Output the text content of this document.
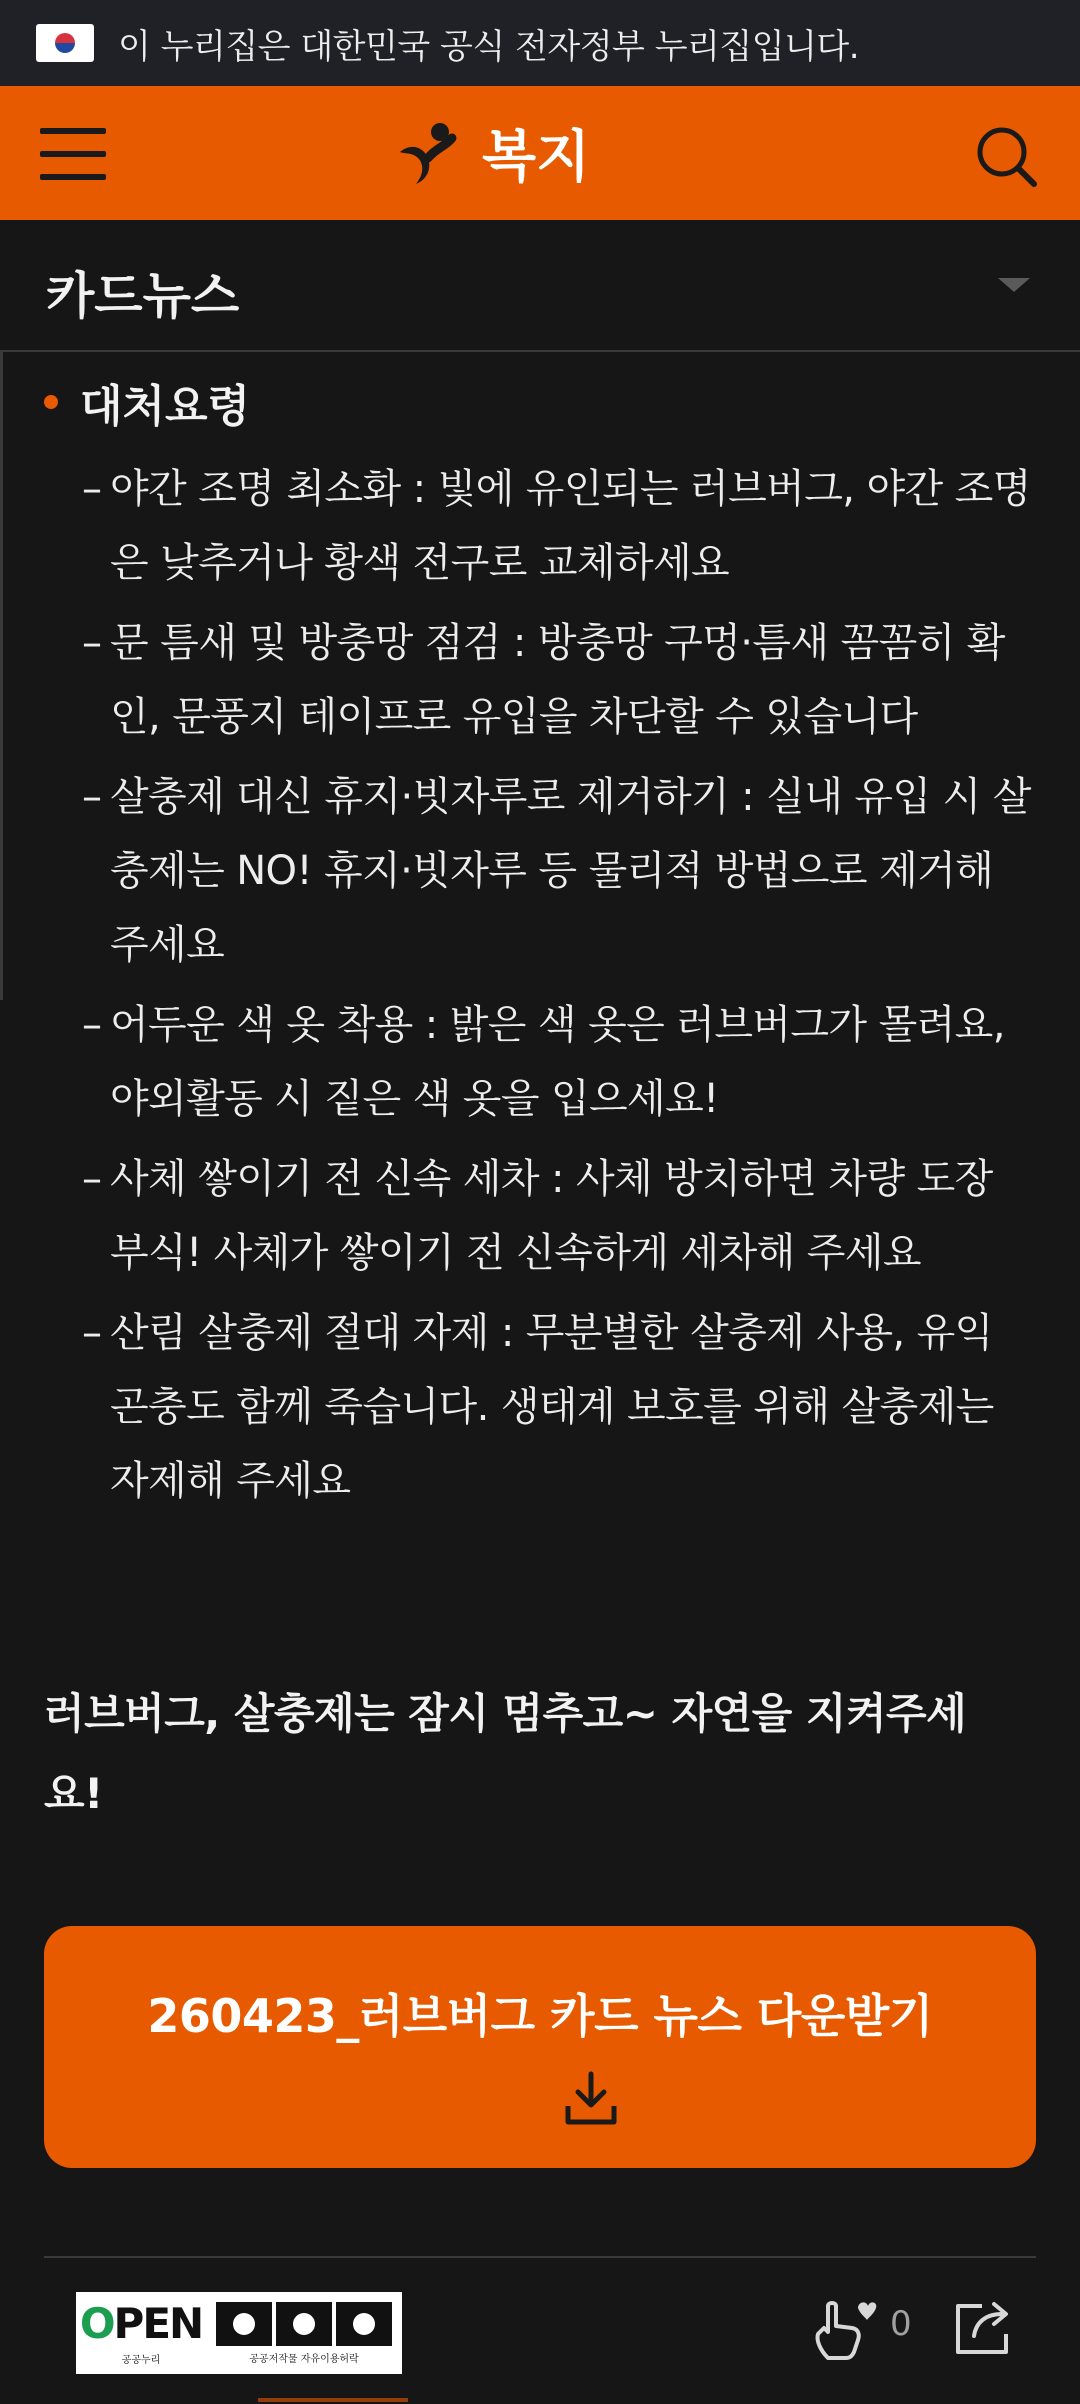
이 누리집은 대한민국 공식 전자정부 누리집입니다.
복지
카드뉴스
대처요령
– 야간 조명 최소화 : 빛에 유인되는 러브버그, 야간 조명은 낮추거나 황색 전구로 교체하세요
– 문 틈새 및 방충망 점검 : 방충망 구멍·틈새 꼼꼼히 확인, 문풍지 테이프로 유입을 차단할 수 있습니다
– 살충제 대신 휴지·빗자루로 제거하기 : 실내 유입 시 살충제는 NO! 휴지·빗자루 등 물리적 방법으로 제거해 주세요
– 어두운 색 옷 착용 : 밝은 색 옷은 러브버그가 몰려요, 야외활동 시 짙은 색 옷을 입으세요!
– 사체 쌓이기 전 신속 세차 : 사체 방치하면 차량 도장 부식! 사체가 쌓이기 전 신속하게 세차해 주세요
– 산림 살충제 절대 자제 : 무분별한 살충제 사용, 유익 곤충도 함께 죽습니다. 생태계 보호를 위해 살충제는 자제해 주세요
러브버그, 살충제는 잠시 멈추고~ 자연을 지켜주세요!
260423_러브버그 카드 뉴스 다운받기
OPEN
공공누리	공공저작물 자유이용허락
0
